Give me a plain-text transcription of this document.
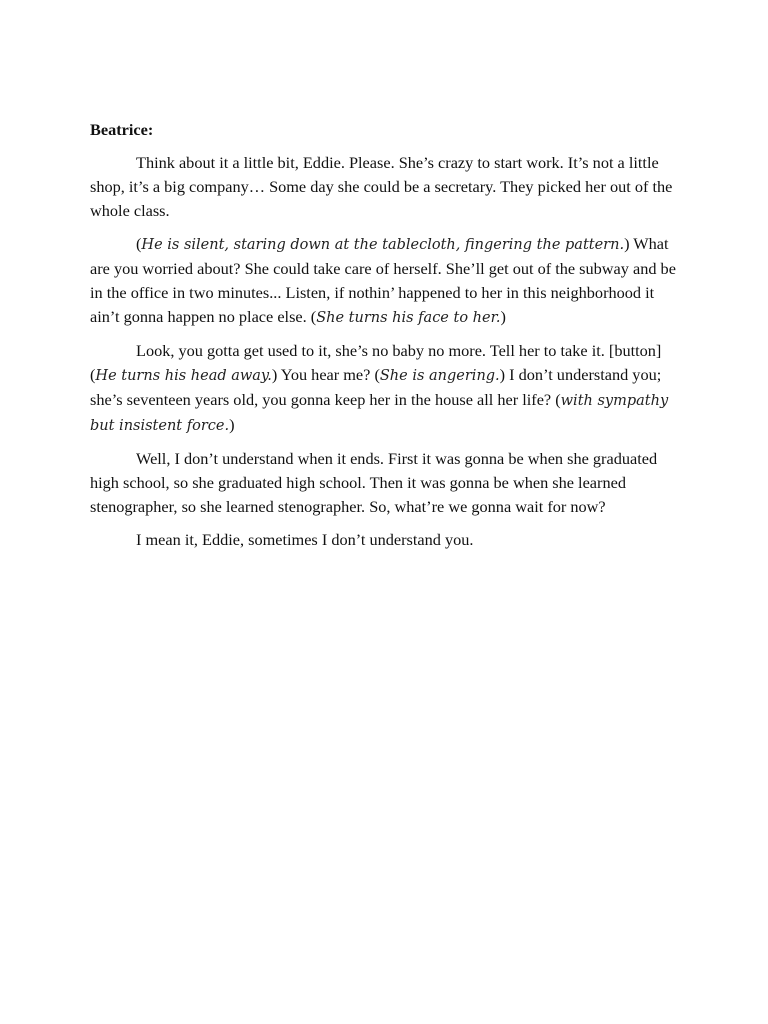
Beatrice:

Think about it a little bit, Eddie. Please. She’s crazy to start work. It’s not a little shop, it’s a big company… Some day she could be a secretary. They picked her out of the whole class.

(He is silent, staring down at the tablecloth, fingering the pattern.) What are you worried about? She could take care of herself. She’ll get out of the subway and be in the office in two minutes... Listen, if nothin’ happened to her in this neighborhood it ain’t gonna happen no place else. (She turns his face to her.)

Look, you gotta get used to it, she’s no baby no more. Tell her to take it. [button] (He turns his head away.) You hear me? (She is angering.) I don’t understand you; she’s seventeen years old, you gonna keep her in the house all her life? (with sympathy but insistent force.)

Well, I don’t understand when it ends. First it was gonna be when she graduated high school, so she graduated high school. Then it was gonna be when she learned stenographer, so she learned stenographer. So, what’re we gonna wait for now?

I mean it, Eddie, sometimes I don’t understand you.
